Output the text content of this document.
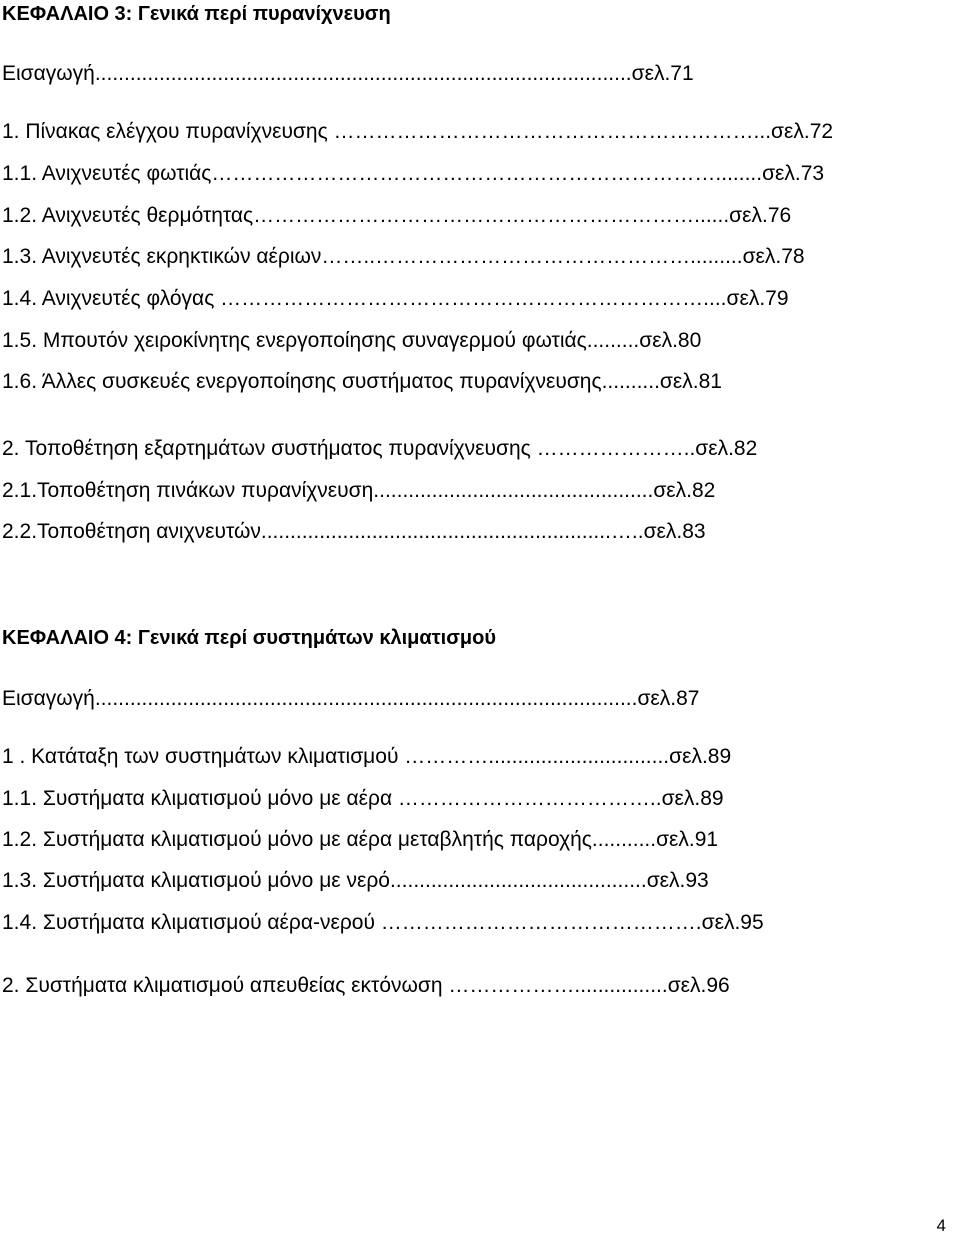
ΚΕΦΑΛΑΙΟ 3: Γενικά περί πυρανίχνευση
Εισαγωγή............................................................................................σελ.71
1. Πίνακας ελέγχου πυρανίχνευσης ……………………………………………………...σελ.72
1.1. Ανιχνευτές φωτιάς………………………………………………………………........σελ.73
1.2. Ανιχνευτές θερμότητας………………………………………………………......σελ.76
1.3. Ανιχνευτές εκρηκτικών αέριων……..……………………………………….........σελ.78
1.4. Ανιχνευτές φλόγας ……………………………………………………………....σελ.79
1.5. Μπουτόν χειροκίνητης ενεργοποίησης συναγερμού φωτιάς.........σελ.80
1.6. Άλλες συσκευές ενεργοποίησης συστήματος πυρανίχνευσης..........σελ.81
2. Τοποθέτηση εξαρτημάτων συστήματος πυρανίχνευσης …………………..σελ.82
2.1.Τοποθέτηση πινάκων πυρανίχνευση................................................σελ.82
2.2.Τοποθέτηση ανιχνευτών............................................................…..σελ.83
ΚΕΦΑΛΑΙΟ 4: Γενικά περί συστημάτων κλιματισμού
Εισαγωγή.............................................................................................σελ.87
1 . Κατάταξη των συστημάτων κλιματισμού …………...............................σελ.89
1.1. Συστήματα κλιματισμού μόνο με αέρα ………………………………..σελ.89
1.2. Συστήματα κλιματισμού μόνο με αέρα μεταβλητής παροχής...........σελ.91
1.3. Συστήματα κλιματισμού μόνο με νερό............................................σελ.93
1.4. Συστήματα κλιματισμού αέρα-νερού ……………………………………….σελ.95
2. Συστήματα κλιματισμού απευθείας εκτόνωση ………………................σελ.96
4
